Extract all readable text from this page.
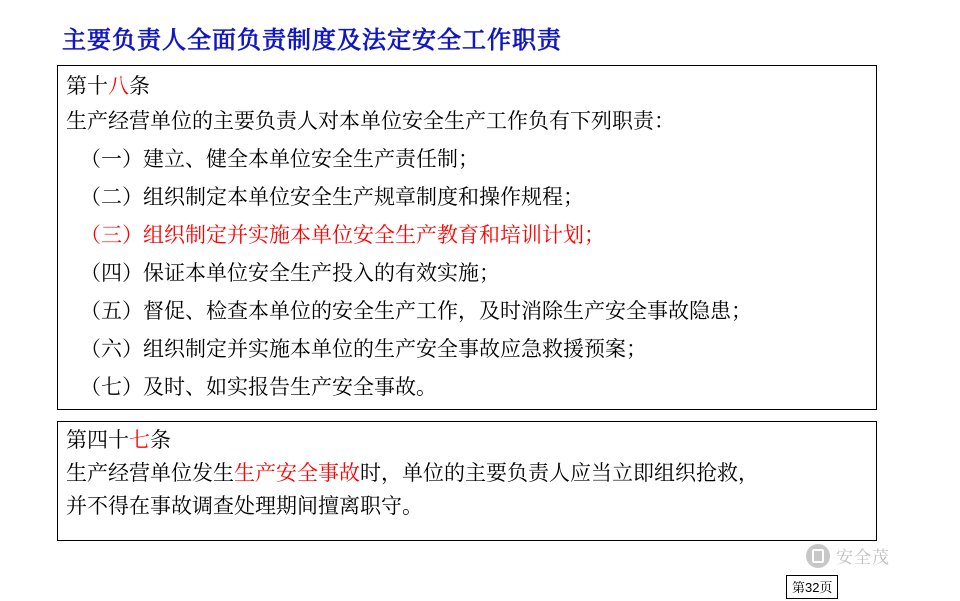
主要负责人全面负责制度及法定安全工作职责
第十八条
生产经营单位的主要负责人对本单位安全生产工作负有下列职责：
（一）建立、健全本单位安全生产责任制；
（二）组织制定本单位安全生产规章制度和操作规程；
（三）组织制定并实施本单位安全生产教育和培训计划；
（四）保证本单位安全生产投入的有效实施；
（五）督促、检查本单位的安全生产工作，及时消除生产安全事故隐患；
（六）组织制定并实施本单位的生产安全事故应急救援预案；
（七）及时、如实报告生产安全事故。
第四十七条
生产经营单位发生生产安全事故时，单位的主要负责人应当立即组织抢救，
并不得在事故调查处理期间擅离职守。
安全茂
第32页
